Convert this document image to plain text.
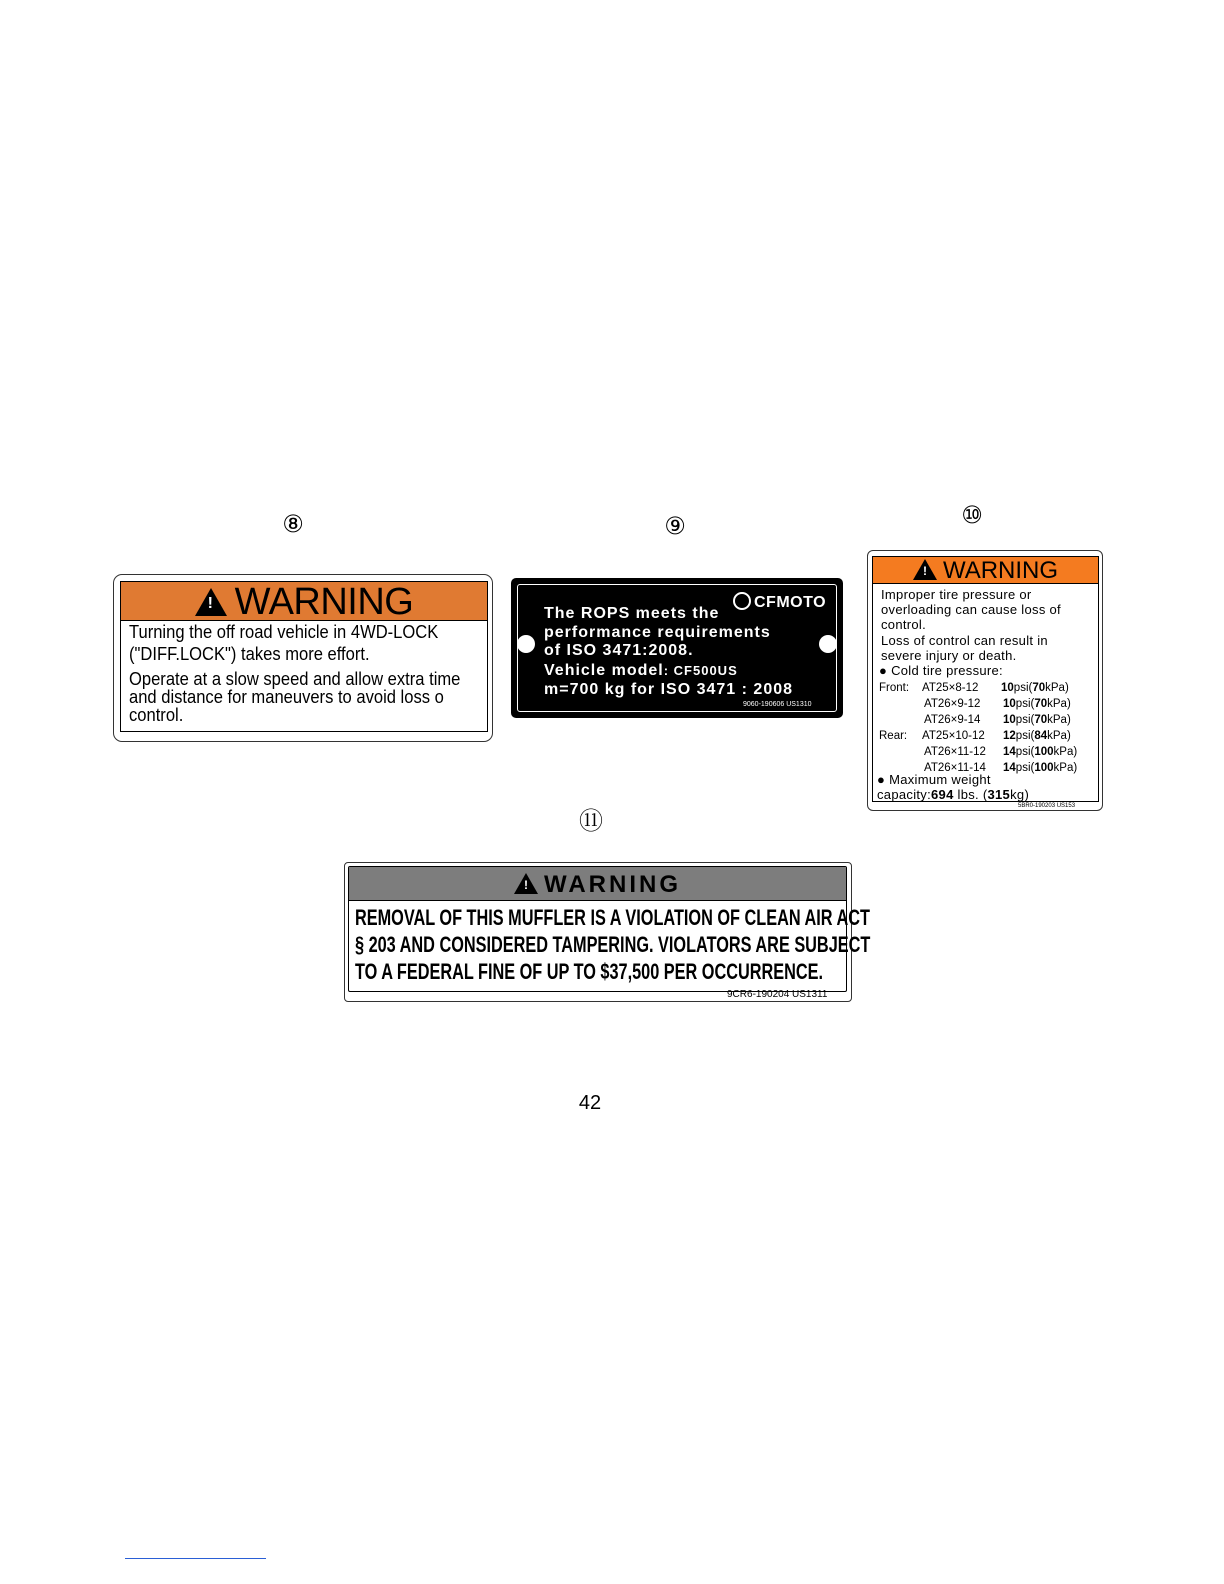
⑧	⑨	⑩
⑪
!WARNING
Turning the off road vehicle in 4WD-LOCK
("DIFF.LOCK") takes more effort.
Operate at a slow speed and allow extra time
and distance for maneuvers to avoid loss o
control.
CFMOTO
The ROPS meets the
performance requirements
of ISO 3471:2008.
Vehicle model: CF500US
m=700 kg for ISO 3471 : 2008
9060-190606 US1310
!WARNING
Improper tire pressure or
overloading can cause loss of
control.
Loss of control can result in
severe injury or death.
● Cold tire pressure:
Front: AT25×8-12 10psi(70kPa)
AT26×9-12 10psi(70kPa)
AT26×9-14 10psi(70kPa)
Rear: AT25×10-12 12psi(84kPa)
AT26×11-12 14psi(100kPa)
AT26×11-14 14psi(100kPa)
● Maximum weight
capacity:694 lbs. (315kg)
5BR0-190203 US153
!WARNING
REMOVAL OF THIS MUFFLER IS A VIOLATION OF CLEAN AIR ACT
§ 203 AND CONSIDERED TAMPERING. VIOLATORS ARE SUBJECT
TO A FEDERAL FINE OF UP TO $37,500 PER OCCURRENCE.
9CR6-190204 US1311
42
